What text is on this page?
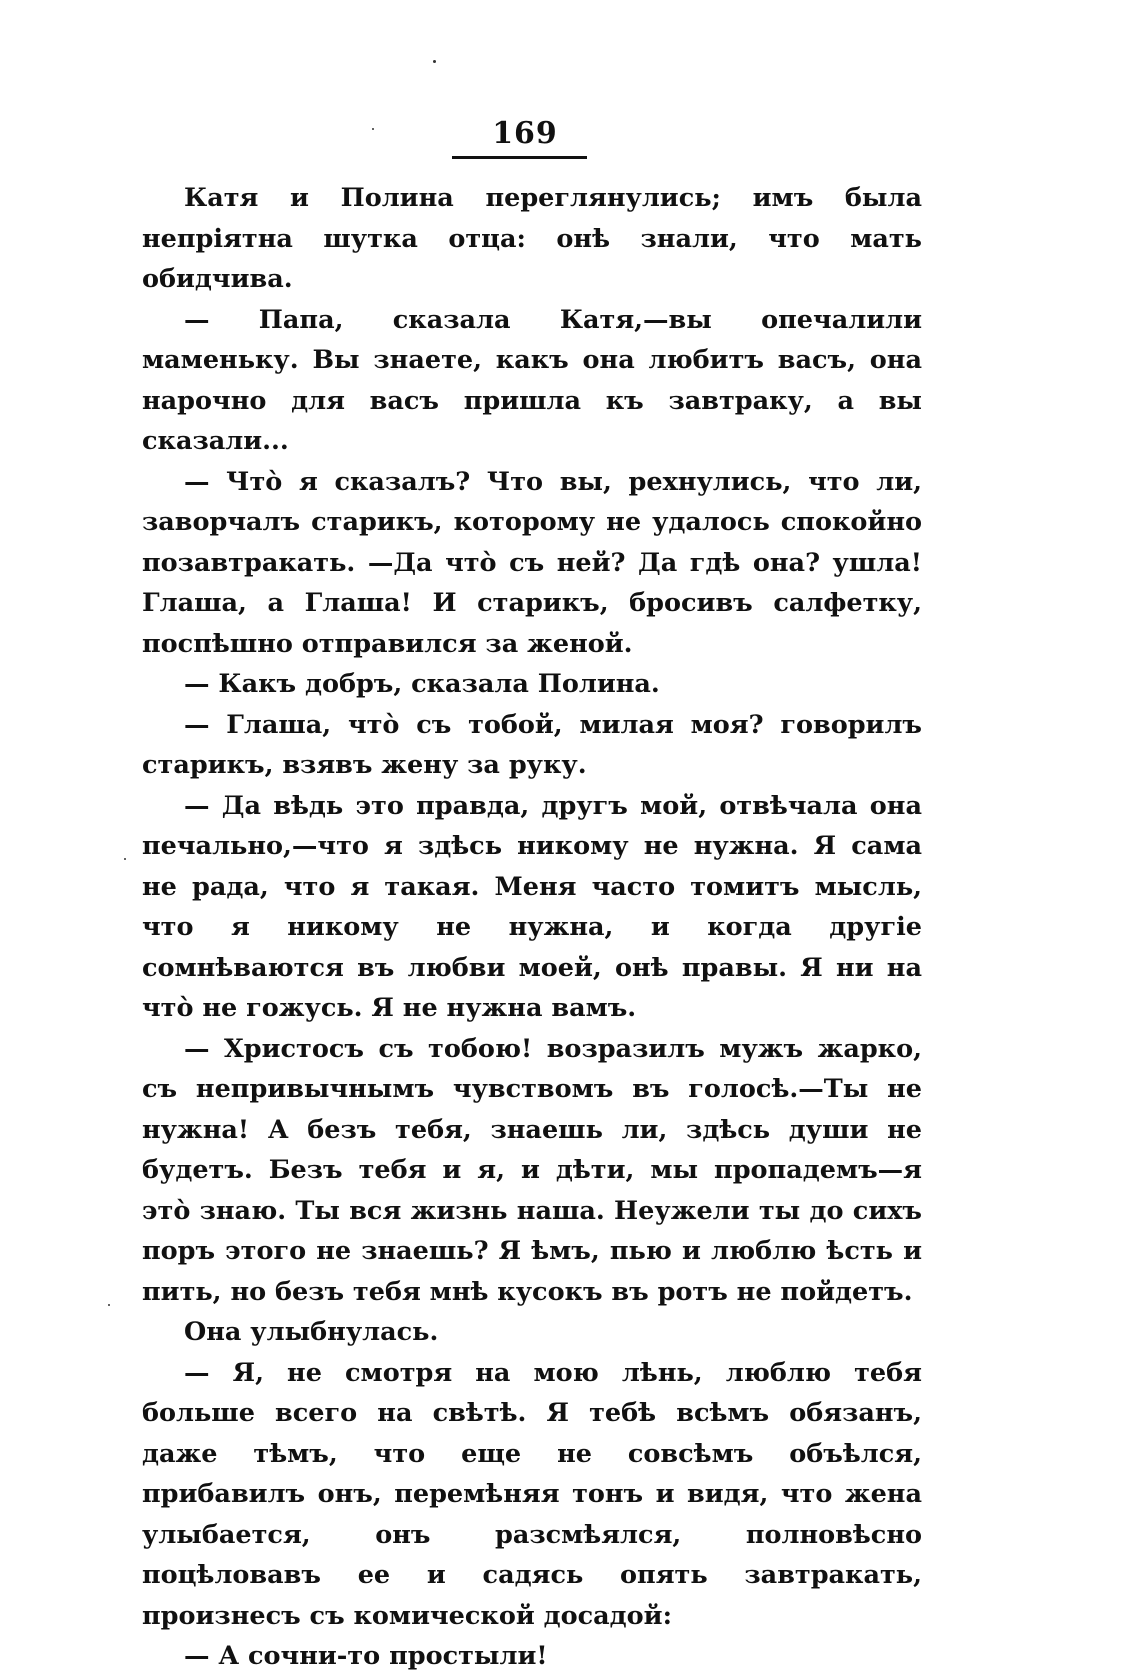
169

Катя и Полина переглянулись; имъ была непріятна шутка отца: онѣ знали, что мать обидчива.

— Папа, сказала Катя,—вы опечалили маменьку. Вы знаете, какъ она любитъ васъ, она нарочно для васъ пришла къ завтраку, а вы сказали...

— Что̀ я сказалъ? Что вы, рехнулись, что ли, заворчалъ старикъ, которому не удалось спокойно позавтракать. —Да что̀ съ ней? Да гдѣ она? ушла! Глаша, а Глаша! И старикъ, бросивъ салфетку, поспѣшно отправился за женой.

— Какъ добръ, сказала Полина.

— Глаша, что̀ съ тобой, милая моя? говорилъ старикъ, взявъ жену за руку.

— Да вѣдь это правда, другъ мой, отвѣчала она печально,—что я здѣсь никому не нужна. Я сама не рада, что я такая. Меня часто томитъ мысль, что я никому не нужна, и когда другіе сомнѣваются въ любви моей, онѣ правы. Я ни на что̀ не гожусь. Я не нужна вамъ.

— Христосъ съ тобою! возразилъ мужъ жарко, съ непривычнымъ чувствомъ въ голосѣ.—Ты не нужна! А безъ тебя, знаешь ли, здѣсь души не будетъ. Безъ тебя и я, и дѣти, мы пропадемъ—я это̀ знаю. Ты вся жизнь наша. Неужели ты до сихъ поръ этого не знаешь? Я ѣмъ, пью и люблю ѣсть и пить, но безъ тебя мнѣ кусокъ въ ротъ не пойдетъ.

Она улыбнулась.

— Я, не смотря на мою лѣнь, люблю тебя больше всего на свѣтѣ. Я тебѣ всѣмъ обязанъ, даже тѣмъ, что еще не совсѣмъ объѣлся, прибавилъ онъ, перемѣняя тонъ и видя, что жена улыбается, онъ разсмѣялся, полновѣсно поцѣловавъ ее и садясь опять завтракать, произнесъ съ комической досадой:

— А сочни-то простыли!
